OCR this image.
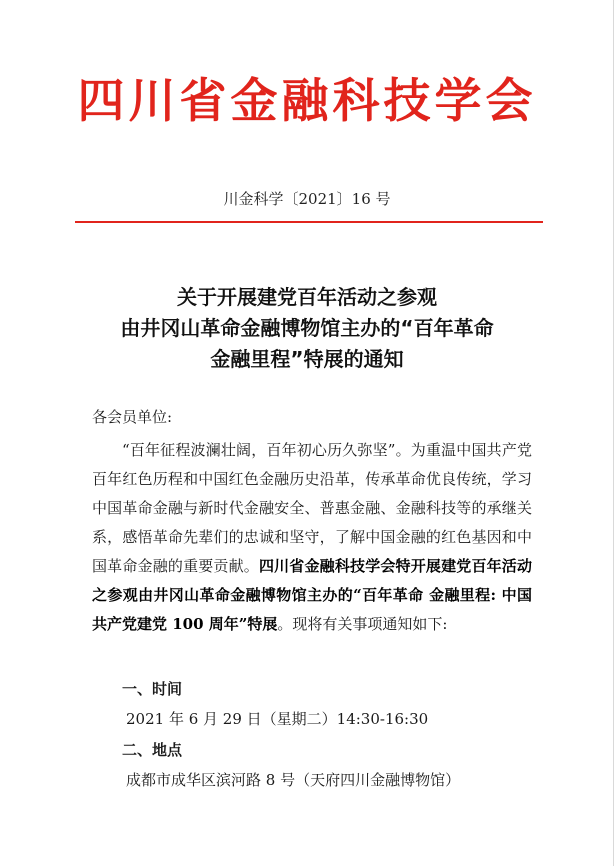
四川省金融科技学会
川金科学〔2021〕16 号
关于开展建党百年活动之参观
由井冈山革命金融博物馆主办的“百年革命
金融里程”特展的通知
各会员单位:
“百年征程波澜壮阔，百年初心历久弥坚”。为重温中国共产党百年红色历程和中国红色金融历史沿革，传承革命优良传统，学习中国革命金融与新时代金融安全、普惠金融、金融科技等的承继关系，感悟革命先辈们的忠诚和坚守，了解中国金融的红色基因和中国革命金融的重要贡献。四川省金融科技学会特开展建党百年活动之参观由井冈山革命金融博物馆主办的“百年革命 金融里程: 中国共产党建党 100 周年”特展。现将有关事项通知如下:
一、时间
2021 年 6 月 29 日（星期二）14:30-16:30
二、地点
成都市成华区滨河路 8 号（天府四川金融博物馆）
